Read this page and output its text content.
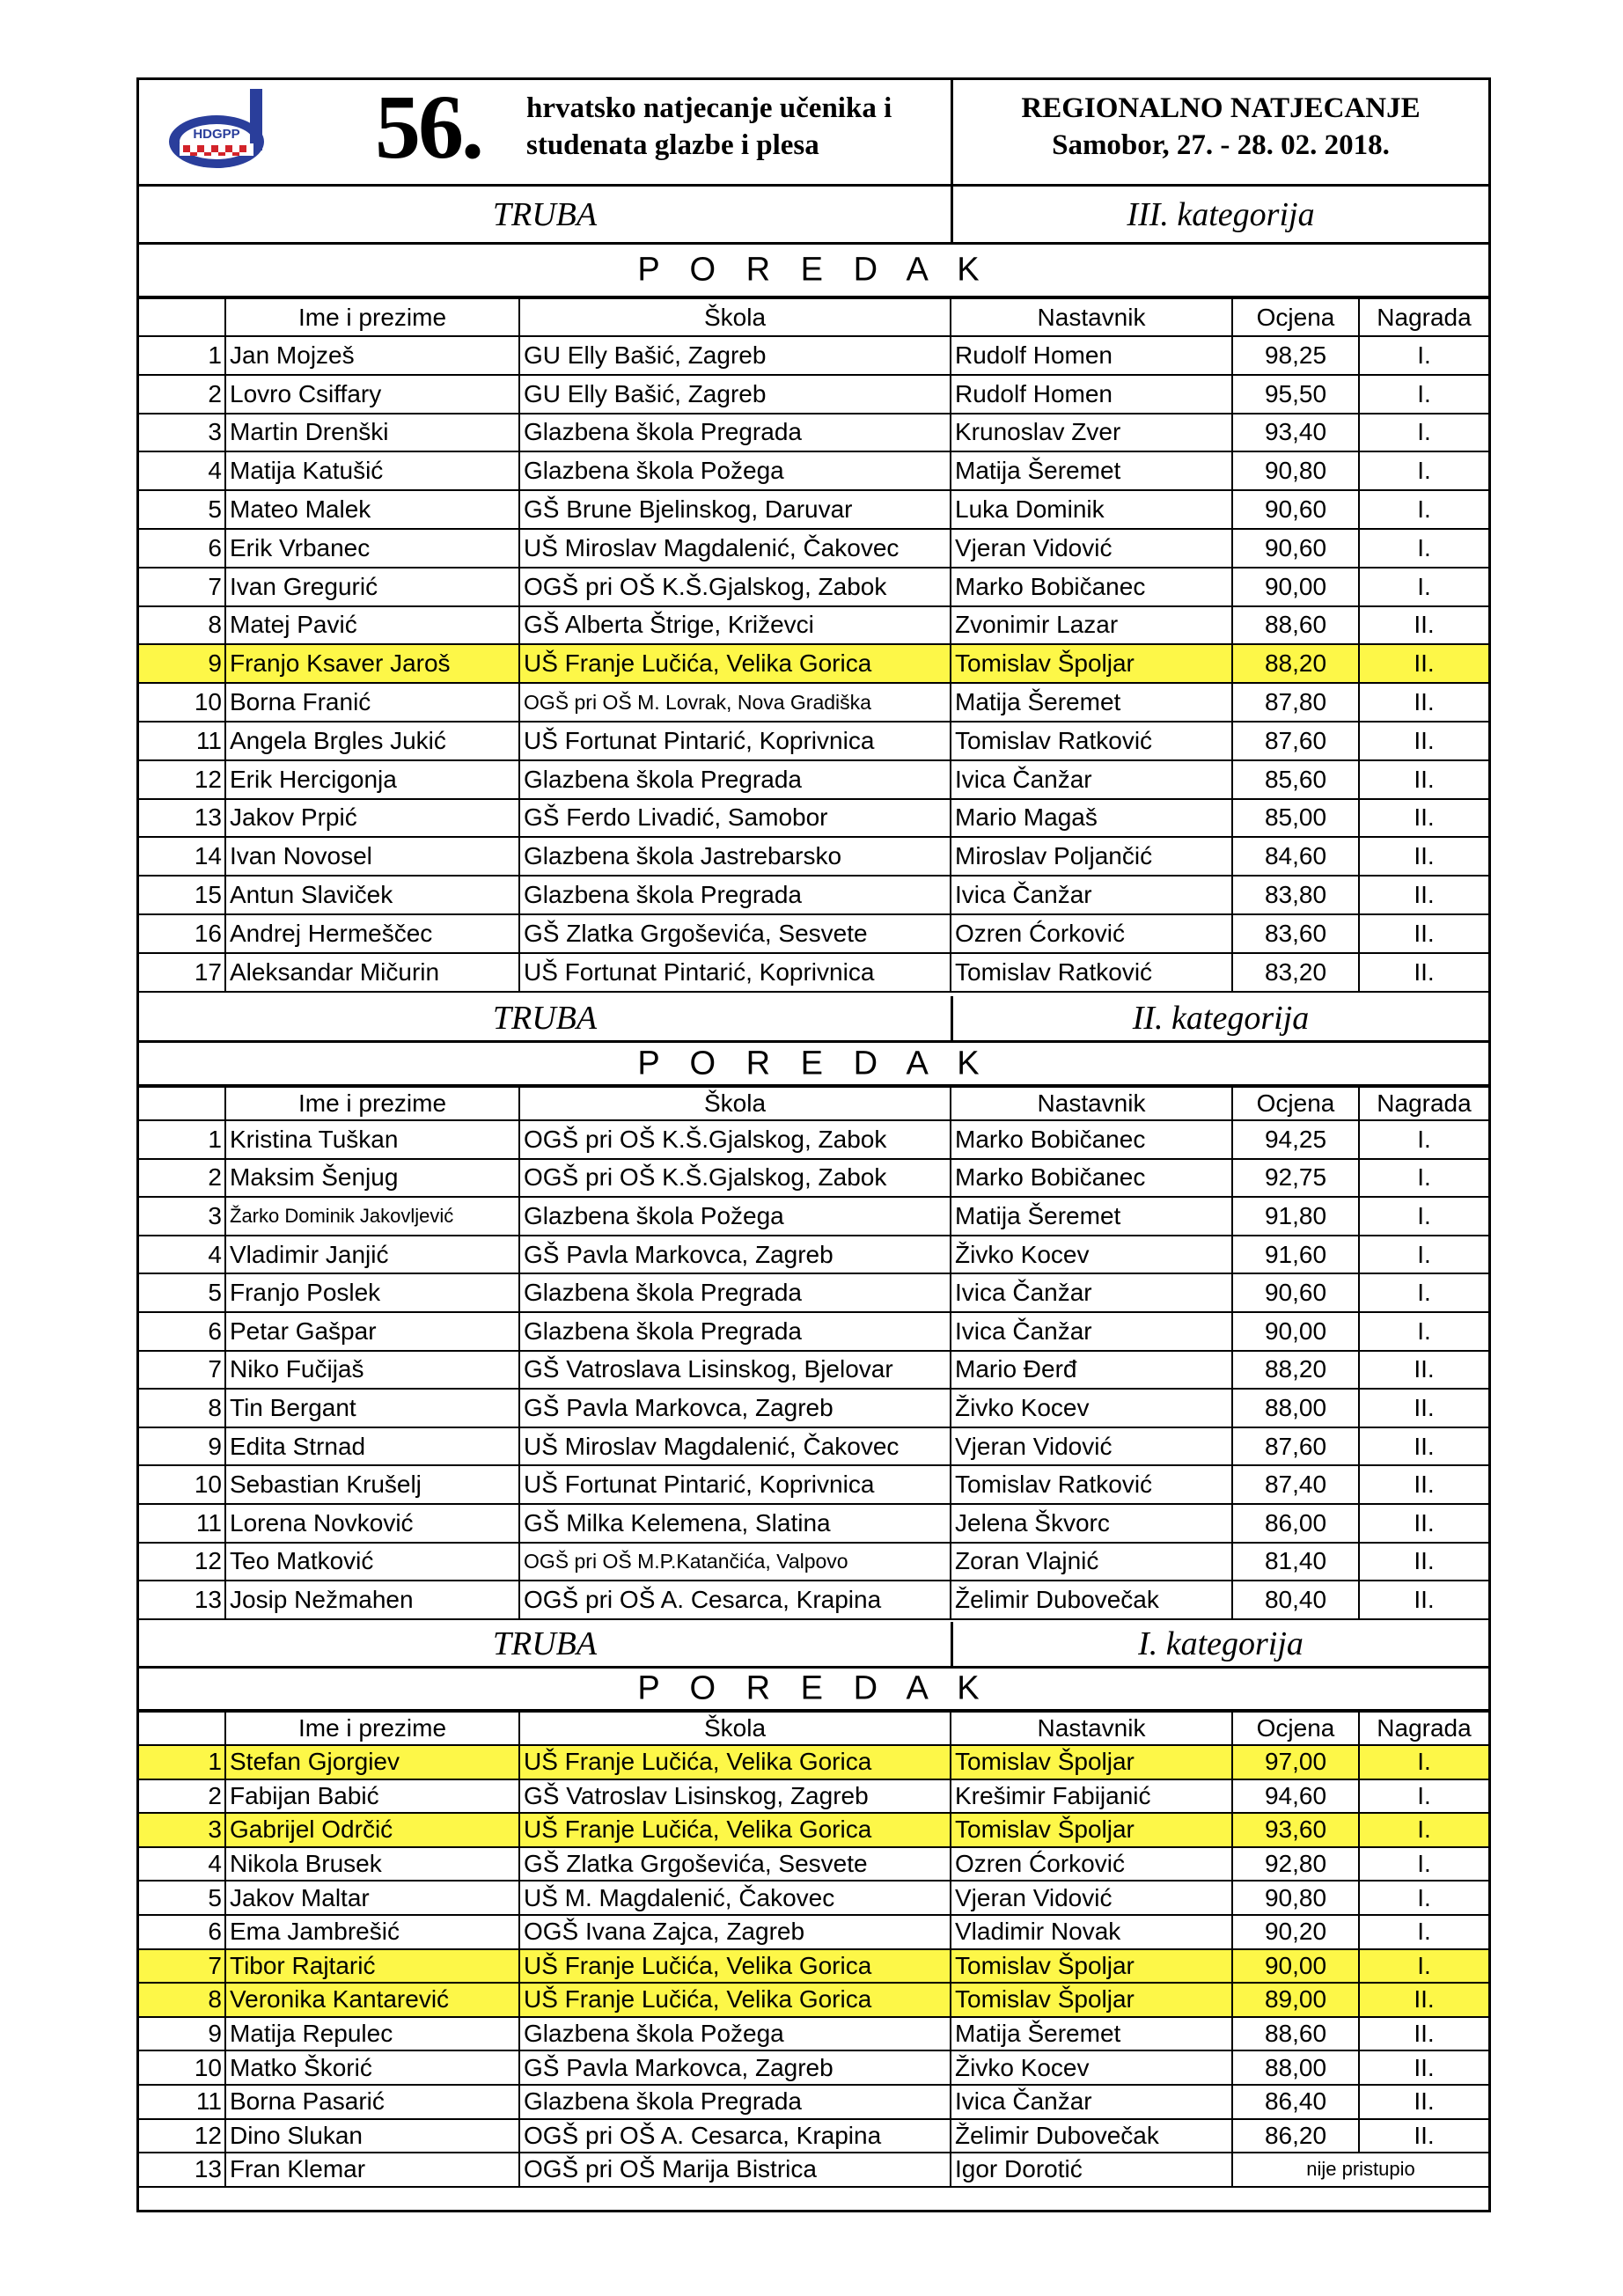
HDGPP 56. hrvatsko natjecanje učenika i
studenata glazbe i plesa
REGIONALNO NATJECANJE
Samobor, 27. - 28. 02. 2018.
TRUBA	III. kategorija
P O R E D A K
	Ime i prezime	Škola	Nastavnik	Ocjena	Nagrada
1	Jan Mojzeš	GU Elly Bašić, Zagreb	Rudolf Homen	98,25	I.
2	Lovro Csiffary	GU Elly Bašić, Zagreb	Rudolf Homen	95,50	I.
3	Martin Drenški	Glazbena škola Pregrada	Krunoslav Zver	93,40	I.
4	Matija Katušić	Glazbena škola Požega	Matija Šeremet	90,80	I.
5	Mateo Malek	GŠ Brune Bjelinskog, Daruvar	Luka Dominik	90,60	I.
6	Erik Vrbanec	UŠ Miroslav Magdalenić, Čakovec	Vjeran Vidović	90,60	I.
7	Ivan Gregurić	OGŠ pri OŠ K.Š.Gjalskog, Zabok	Marko Bobičanec	90,00	I.
8	Matej Pavić	GŠ Alberta Štrige, Križevci	Zvonimir Lazar	88,60	II.
9	Franjo Ksaver Jaroš	UŠ Franje Lučića, Velika Gorica	Tomislav Špoljar	88,20	II.
10	Borna Franić	OGŠ pri OŠ M. Lovrak, Nova Gradiška	Matija Šeremet	87,80	II.
11	Angela Brgles Jukić	UŠ Fortunat Pintarić, Koprivnica	Tomislav Ratković	87,60	II.
12	Erik Hercigonja	Glazbena škola Pregrada	Ivica Čanžar	85,60	II.
13	Jakov Prpić	GŠ Ferdo Livadić, Samobor	Mario Magaš	85,00	II.
14	Ivan Novosel	Glazbena škola Jastrebarsko	Miroslav Poljančić	84,60	II.
15	Antun Slaviček	Glazbena škola Pregrada	Ivica Čanžar	83,80	II.
16	Andrej Hermeščec	GŠ Zlatka Grgoševića, Sesvete	Ozren Ćorković	83,60	II.
17	Aleksandar Mičurin	UŠ Fortunat Pintarić, Koprivnica	Tomislav Ratković	83,20	II.
TRUBA	II. kategorija
P O R E D A K
	Ime i prezime	Škola	Nastavnik	Ocjena	Nagrada
1	Kristina Tuškan	OGŠ pri OŠ K.Š.Gjalskog, Zabok	Marko Bobičanec	94,25	I.
2	Maksim Šenjug	OGŠ pri OŠ K.Š.Gjalskog, Zabok	Marko Bobičanec	92,75	I.
3	Žarko Dominik Jakovljević	Glazbena škola Požega	Matija Šeremet	91,80	I.
4	Vladimir Janjić	GŠ Pavla Markovca, Zagreb	Živko Kocev	91,60	I.
5	Franjo Poslek	Glazbena škola Pregrada	Ivica Čanžar	90,60	I.
6	Petar Gašpar	Glazbena škola Pregrada	Ivica Čanžar	90,00	I.
7	Niko Fučijaš	GŠ Vatroslava Lisinskog, Bjelovar	Mario Đerđ	88,20	II.
8	Tin Bergant	GŠ Pavla Markovca, Zagreb	Živko Kocev	88,00	II.
9	Edita Strnad	UŠ Miroslav Magdalenić, Čakovec	Vjeran Vidović	87,60	II.
10	Sebastian Krušelj	UŠ Fortunat Pintarić, Koprivnica	Tomislav Ratković	87,40	II.
11	Lorena Novković	GŠ Milka Kelemena, Slatina	Jelena Škvorc	86,00	II.
12	Teo Matković	OGŠ pri OŠ M.P.Katančića, Valpovo	Zoran Vlajnić	81,40	II.
13	Josip Nežmahen	OGŠ pri OŠ A. Cesarca, Krapina	Želimir Dubovečak	80,40	II.
TRUBA	I. kategorija
P O R E D A K
	Ime i prezime	Škola	Nastavnik	Ocjena	Nagrada
1	Stefan Gjorgiev	UŠ Franje Lučića, Velika Gorica	Tomislav Špoljar	97,00	I.
2	Fabijan Babić	GŠ Vatroslav Lisinskog, Zagreb	Krešimir Fabijanić	94,60	I.
3	Gabrijel Odrčić	UŠ Franje Lučića, Velika Gorica	Tomislav Špoljar	93,60	I.
4	Nikola Brusek	GŠ Zlatka Grgoševića, Sesvete	Ozren Ćorković	92,80	I.
5	Jakov Maltar	UŠ M. Magdalenić, Čakovec	Vjeran Vidović	90,80	I.
6	Ema Jambrešić	OGŠ Ivana Zajca, Zagreb	Vladimir Novak	90,20	I.
7	Tibor Rajtarić	UŠ Franje Lučića, Velika Gorica	Tomislav Špoljar	90,00	I.
8	Veronika Kantarević	UŠ Franje Lučića, Velika Gorica	Tomislav Špoljar	89,00	II.
9	Matija Repulec	Glazbena škola Požega	Matija Šeremet	88,60	II.
10	Matko Škorić	GŠ Pavla Markovca, Zagreb	Živko Kocev	88,00	II.
11	Borna Pasarić	Glazbena škola Pregrada	Ivica Čanžar	86,40	II.
12	Dino Slukan	OGŠ pri OŠ A. Cesarca, Krapina	Želimir Dubovečak	86,20	II.
13	Fran Klemar	OGŠ pri OŠ Marija Bistrica	Igor Dorotić	nije pristupio	
